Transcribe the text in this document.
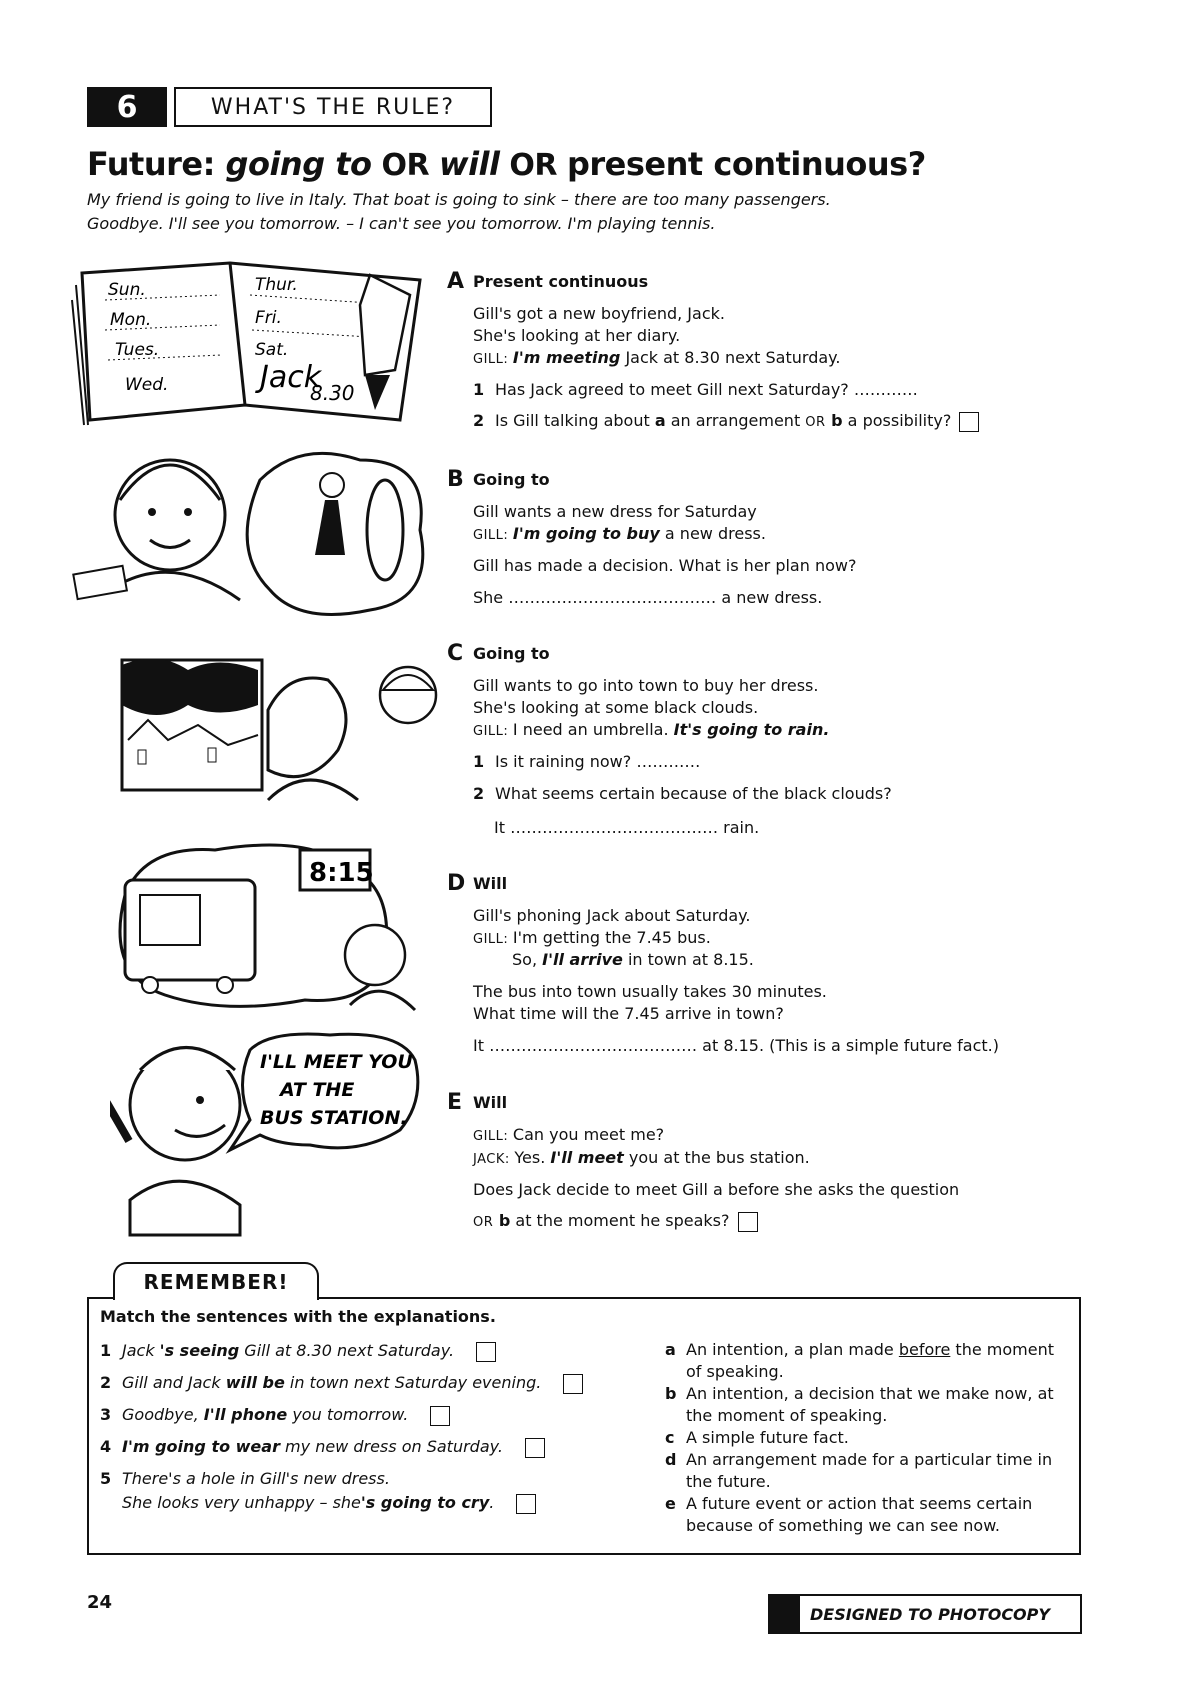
6	WHAT'S THE RULE?
Future: going to OR will OR present continuous?
My friend is going to live in Italy. That boat is going to sink – there are too many passengers.
Goodbye. I'll see you tomorrow. – I can't see you tomorrow. I'm playing tennis.
Sun.
Mon.
Tues.
Wed.
Thur.
Fri.
Sat.
Jack
8.30
8:15
I'LL MEET YOU
AT THE
BUS STATION.
A Present continuous
Gill's got a new boyfriend, Jack.
She's looking at her diary.
GILL: I'm meeting Jack at 8.30 next Saturday.
1 Has Jack agreed to meet Gill next Saturday? …………
2 Is Gill talking about a an arrangement OR b a possibility?
B Going to
Gill wants a new dress for Saturday
GILL: I'm going to buy a new dress.
Gill has made a decision. What is her plan now?
She ………………………………… a new dress.
C Going to
Gill wants to go into town to buy her dress.
She's looking at some black clouds.
GILL: I need an umbrella. It's going to rain.
1 Is it raining now? …………
2 What seems certain because of the black clouds?
It ………………………………… rain.
D Will
Gill's phoning Jack about Saturday.
GILL: I'm getting the 7.45 bus.
So, I'll arrive in town at 8.15.
The bus into town usually takes 30 minutes.
What time will the 7.45 arrive in town?
It ………………………………… at 8.15. (This is a simple future fact.)
E Will
GILL: Can you meet me?
JACK: Yes. I'll meet you at the bus station.
Does Jack decide to meet Gill a before she asks the question
OR b at the moment he speaks?
REMEMBER!
Match the sentences with the explanations.
1 Jack 's seeing Gill at 8.30 next Saturday.
2 Gill and Jack will be in town next Saturday evening.
3 Goodbye, I'll phone you tomorrow.
4 I'm going to wear my new dress on Saturday.
5 There's a hole in Gill's new dress.
She looks very unhappy – she's going to cry.
a An intention, a plan made before the moment of speaking.
b An intention, a decision that we make now, at the moment of speaking.
c A simple future fact.
d An arrangement made for a particular time in the future.
e A future event or action that seems certain because of something we can see now.
24
DESIGNED TO PHOTOCOPY
